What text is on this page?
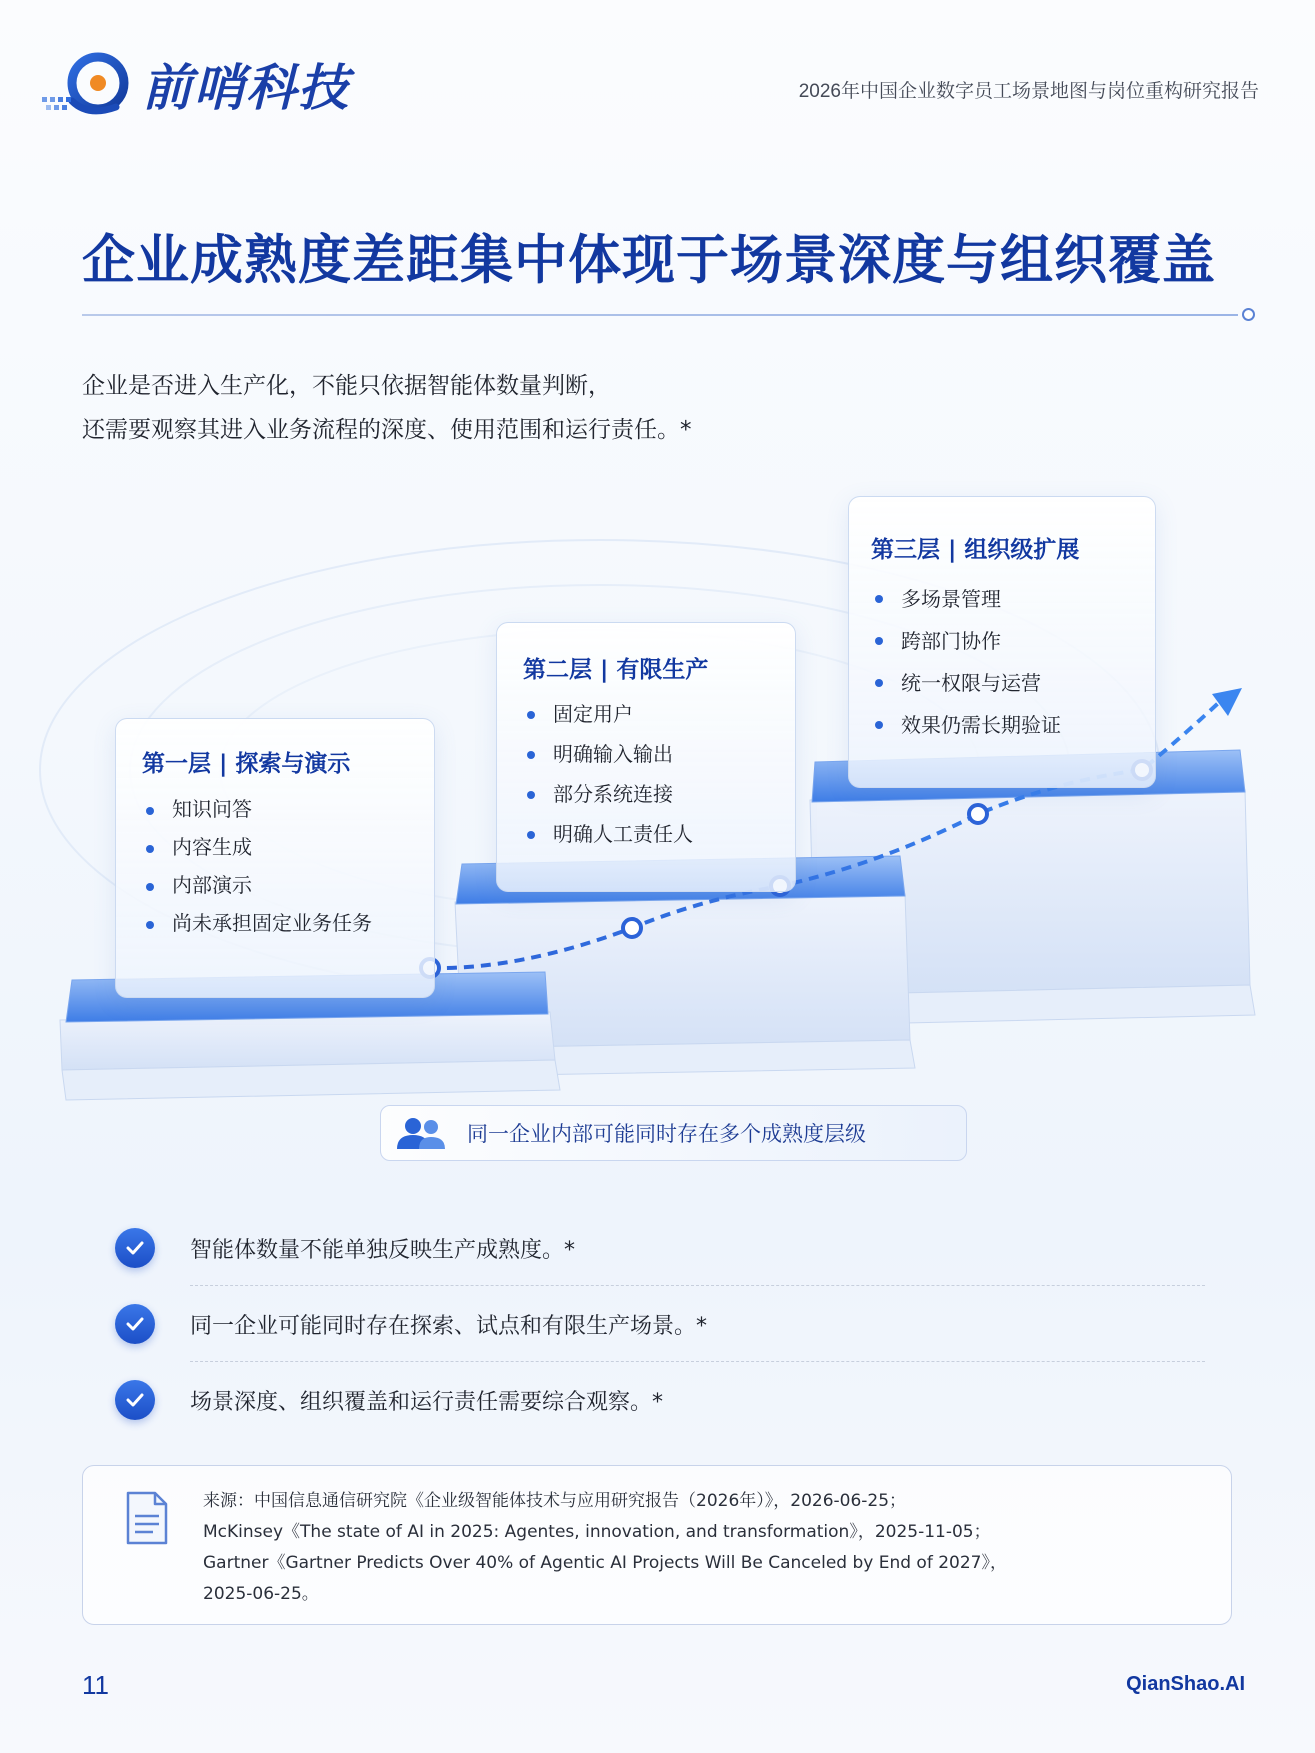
前哨科技	2026年中国企业数字员工场景地图与岗位重构研究报告
企业成熟度差距集中体现于场景深度与组织覆盖
企业是否进入生产化，不能只依据智能体数量判断，
还需要观察其进入业务流程的深度、使用范围和运行责任。*
第一层 | 探索与演示
知识问答
内容生成
内部演示
尚未承担固定业务任务
第二层 | 有限生产
固定用户
明确输入输出
部分系统连接
明确人工责任人
第三层 | 组织级扩展
多场景管理
跨部门协作
统一权限与运营
效果仍需长期验证
同一企业内部可能同时存在多个成熟度层级
智能体数量不能单独反映生产成熟度。*
同一企业可能同时存在探索、试点和有限生产场景。*
场景深度、组织覆盖和运行责任需要综合观察。*
来源：中国信息通信研究院《企业级智能体技术与应用研究报告（2026年）》，2026-06-25；
McKinsey《The state of AI in 2025: Agentes, innovation, and transformation》，2025-11-05；
Gartner《Gartner Predicts Over 40% of Agentic AI Projects Will Be Canceled by End of 2027》，
2025-06-25。
11	QianShao.AI
